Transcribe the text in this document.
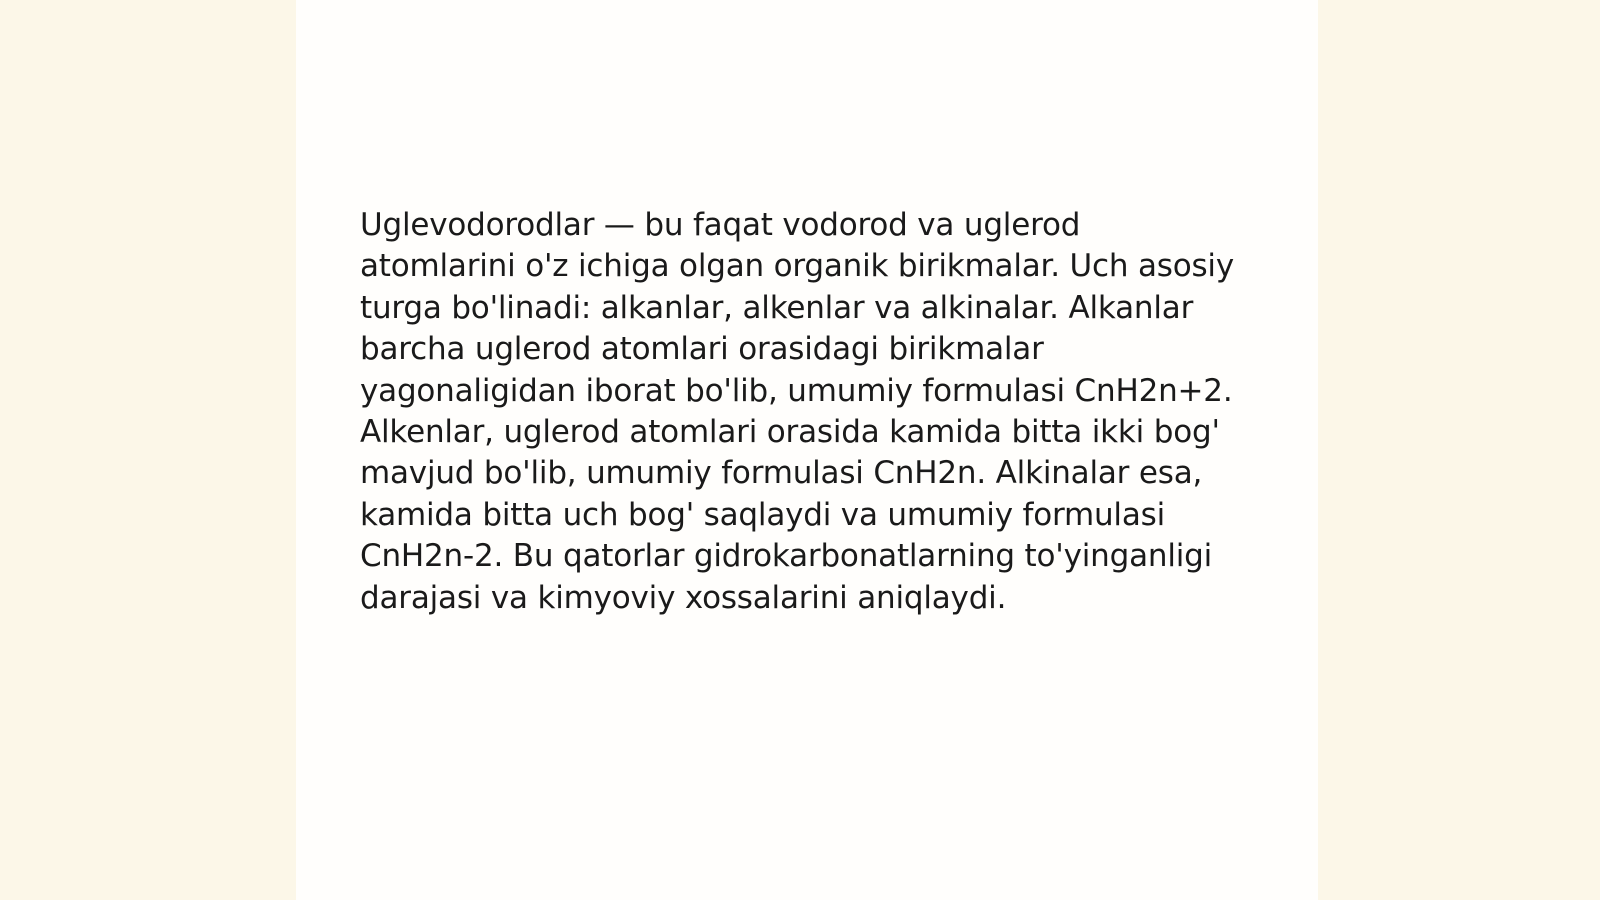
Uglevodorodlar — bu faqat vodorod va uglerod atomlarini o'z ichiga olgan organik birikmalar. Uch asosiy turga bo'linadi: alkanlar, alkenlar va alkinalar. Alkanlar barcha uglerod atomlari orasidagi birikmalar yagonaligidan iborat bo'lib, umumiy formulasi CnH2n+2. Alkenlar, uglerod atomlari orasida kamida bitta ikki bog' mavjud bo'lib, umumiy formulasi CnH2n. Alkinalar esa, kamida bitta uch bog' saqlaydi va umumiy formulasi CnH2n-2. Bu qatorlar gidrokarbonatlarning to'yinganligi darajasi va kimyoviy xossalarini aniqlaydi.
